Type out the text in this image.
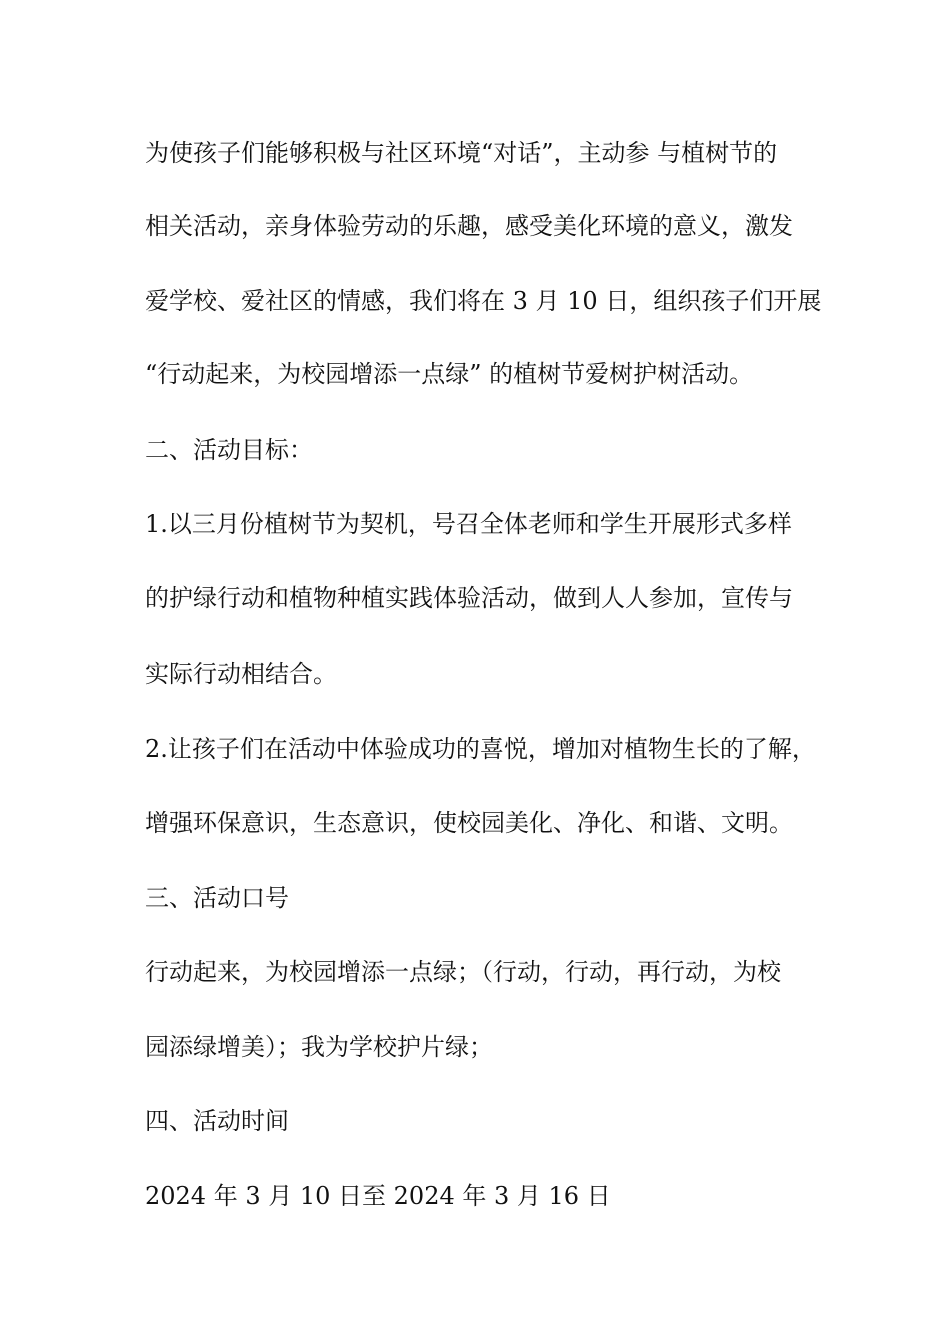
为使孩子们能够积极与社区环境“对话”，主动参 与植树节的
相关活动，亲身体验劳动的乐趣，感受美化环境的意义，激发
爱学校、爱社区的情感，我们将在 3 月 10 日，组织孩子们开展
“行动起来，为校园增添一点绿” 的植树节爱树护树活动。
二、活动目标：
1.以三月份植树节为契机，号召全体老师和学生开展形式多样
的护绿行动和植物种植实践体验活动，做到人人参加，宣传与
实际行动相结合。
2.让孩子们在活动中体验成功的喜悦，增加对植物生长的了解，
增强环保意识，生态意识，使校园美化、净化、和谐、文明。
三、活动口号
行动起来，为校园增添一点绿；（行动，行动，再行动，为校
园添绿增美）；我为学校护片绿；
四、活动时间
2024 年 3 月 10 日至 2024 年 3 月 16 日
